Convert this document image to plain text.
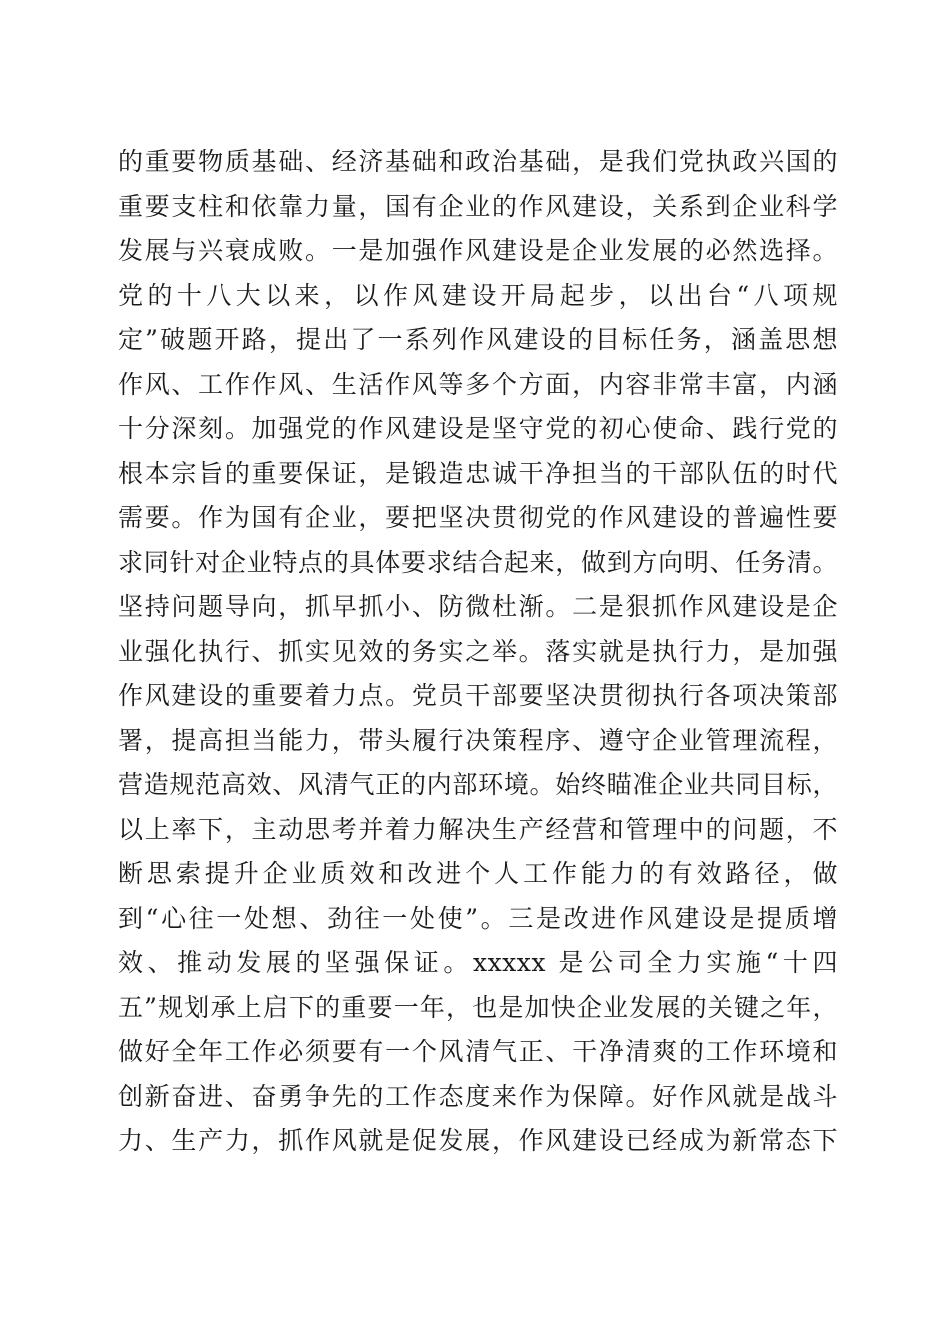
的重要物质基础、经济基础和政治基础，是我们党执政兴国的
重要支柱和依靠力量，国有企业的作风建设，关系到企业科学
发展与兴衰成败。一是加强作风建设是企业发展的必然选择。
党的十八大以来，以作风建设开局起步，以出台“八项规
定”破题开路，提出了一系列作风建设的目标任务，涵盖思想
作风、工作作风、生活作风等多个方面，内容非常丰富，内涵
十分深刻。加强党的作风建设是坚守党的初心使命、践行党的
根本宗旨的重要保证，是锻造忠诚干净担当的干部队伍的时代
需要。作为国有企业，要把坚决贯彻党的作风建设的普遍性要
求同针对企业特点的具体要求结合起来，做到方向明、任务清。
坚持问题导向，抓早抓小、防微杜渐。二是狠抓作风建设是企
业强化执行、抓实见效的务实之举。落实就是执行力，是加强
作风建设的重要着力点。党员干部要坚决贯彻执行各项决策部
署，提高担当能力，带头履行决策程序、遵守企业管理流程，
营造规范高效、风清气正的内部环境。始终瞄准企业共同目标，
以上率下，主动思考并着力解决生产经营和管理中的问题，不
断思索提升企业质效和改进个人工作能力的有效路径，做
到“心往一处想、劲往一处使”。三是改进作风建设是提质增
效、推动发展的坚强保证。xxxxx 是公司全力实施“十四
五”规划承上启下的重要一年，也是加快企业发展的关键之年，
做好全年工作必须要有一个风清气正、干净清爽的工作环境和
创新奋进、奋勇争先的工作态度来作为保障。好作风就是战斗
力、生产力，抓作风就是促发展，作风建设已经成为新常态下
